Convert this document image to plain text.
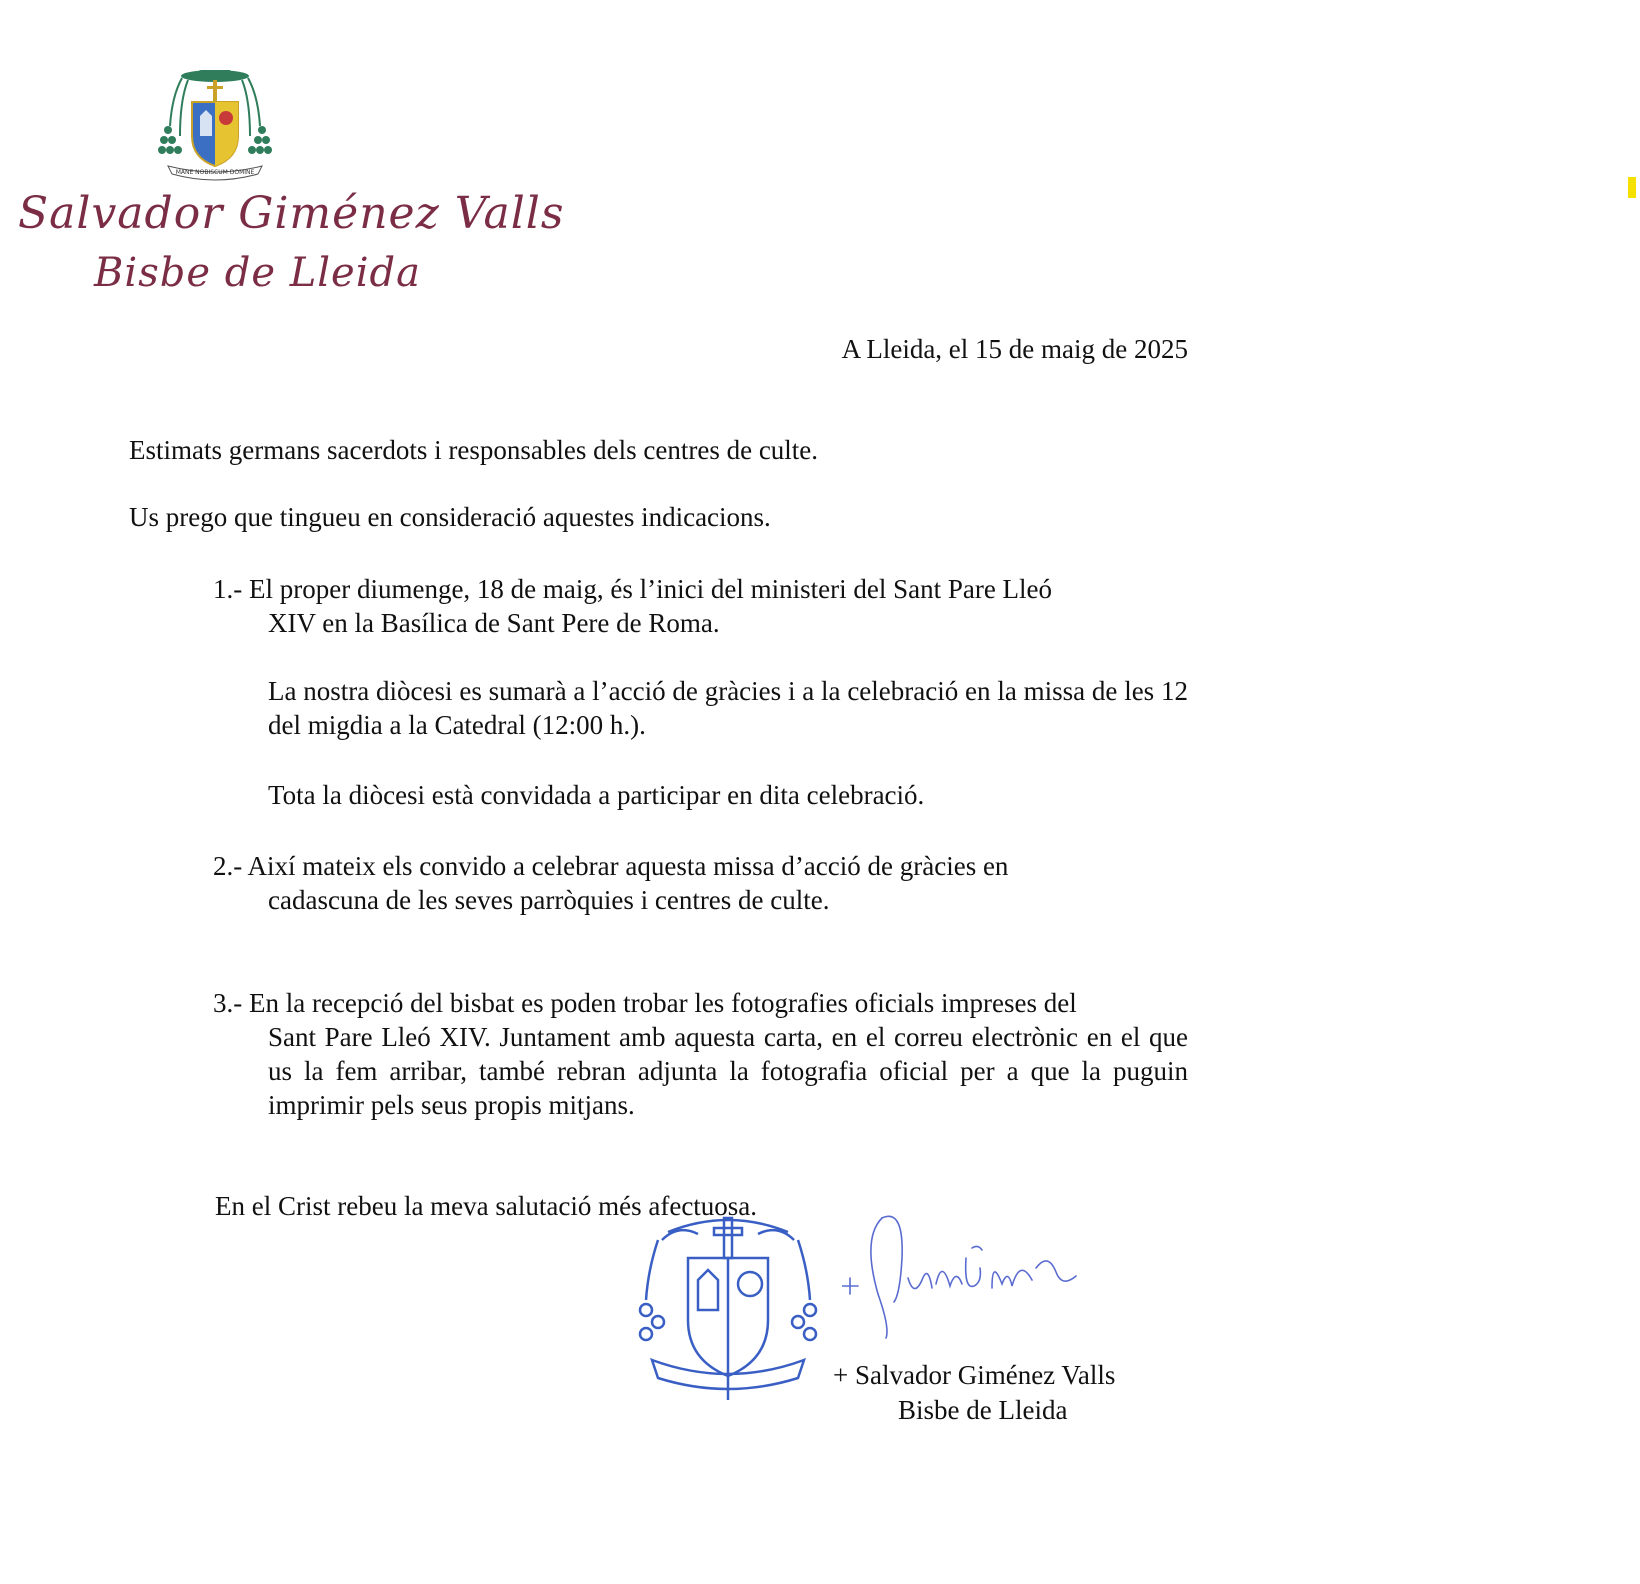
MANE NOBISCUM DOMINE
Salvador Giménez Valls
Bisbe de Lleida
A Lleida, el 15 de maig de 2025
Estimats germans sacerdots i responsables dels centres de culte.
Us prego que tingueu en consideració aquestes indicacions.
1.- El proper diumenge, 18 de maig, és l’inici del ministeri del Sant Pare Lleó
XIV en la Basílica de Sant Pere de Roma.
La nostra diòcesi es sumarà a l’acció de gràcies i a la celebració en la missa de les 12 del migdia a la Catedral (12:00 h.).
Tota la diòcesi està convidada a participar en dita celebració.
2.- Així mateix els convido a celebrar aquesta missa d’acció de gràcies en
cadascuna de les seves parròquies i centres de culte.
3.- En la recepció del bisbat es poden trobar les fotografies oficials impreses del
Sant Pare Lleó XIV. Juntament amb aquesta carta, en el correu electrònic en el que us la fem arribar, també rebran adjunta la fotografia oficial per a que la puguin imprimir pels seus propis mitjans.
En el Crist rebeu la meva salutació més afectuosa.
+ Salvador Giménez Valls
Bisbe de Lleida
